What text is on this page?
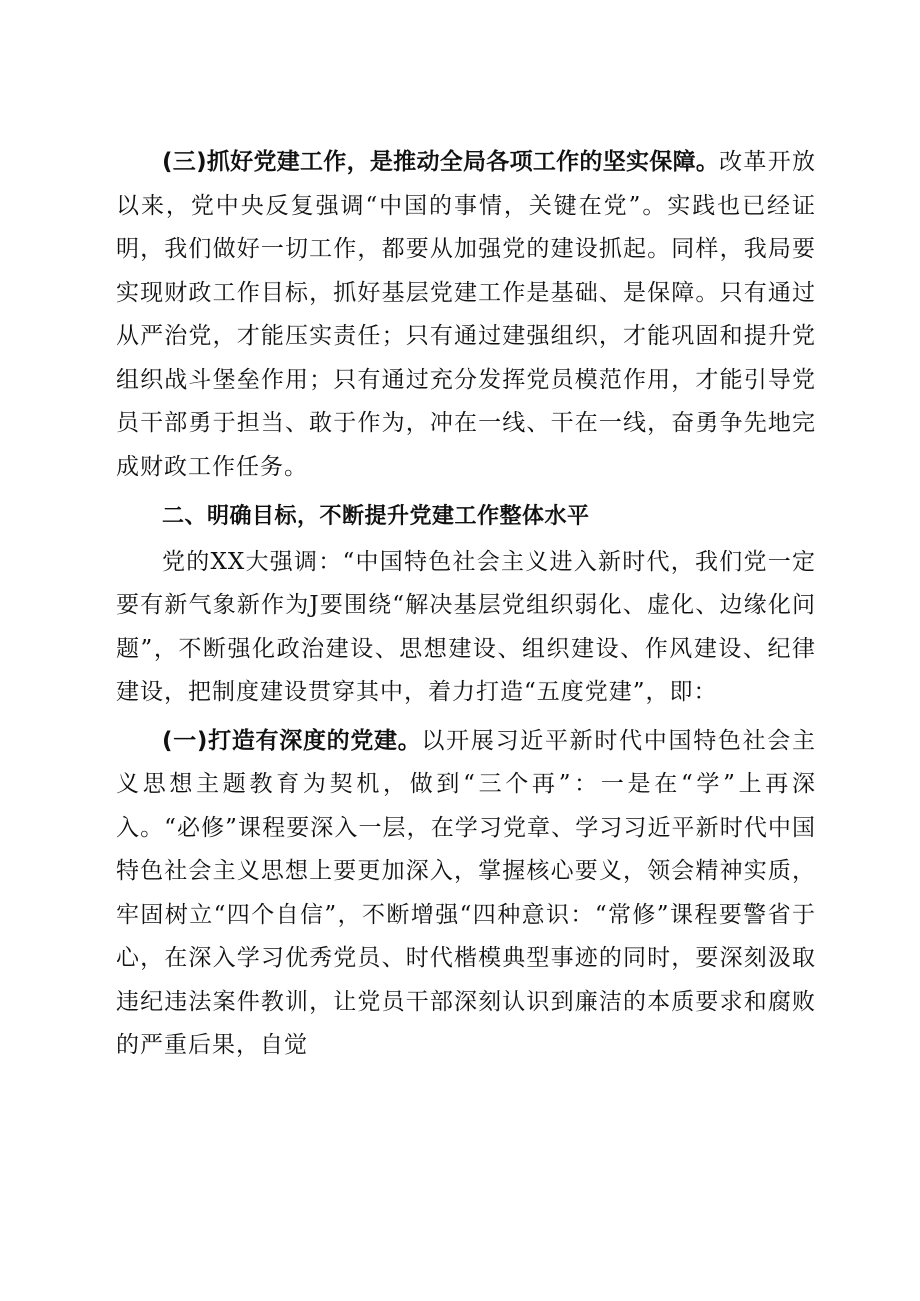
(三)抓好党建工作，是推动全局各项工作的坚实保障。改革开放以来，党中央反复强调“中国的事情，关键在党”。实践也已经证明，我们做好一切工作，都要从加强党的建设抓起。同样，我局要实现财政工作目标，抓好基层党建工作是基础、是保障。只有通过从严治党，才能压实责任；只有通过建强组织，才能巩固和提升党组织战斗堡垒作用；只有通过充分发挥党员模范作用，才能引导党员干部勇于担当、敢于作为，冲在一线、干在一线，奋勇争先地完成财政工作任务。

二、明确目标，不断提升党建工作整体水平

党的XX大强调：“中国特色社会主义进入新时代，我们党一定要有新气象新作为J要围绕“解决基层党组织弱化、虚化、边缘化问题”，不断强化政治建设、思想建设、组织建设、作风建设、纪律建设，把制度建设贯穿其中，着力打造“五度党建”，即：

(一)打造有深度的党建。以开展习近平新时代中国特色社会主义思想主题教育为契机，做到“三个再”：一是在“学”上再深入。“必修”课程要深入一层，在学习党章、学习习近平新时代中国特色社会主义思想上要更加深入，掌握核心要义，领会精神实质，牢固树立“四个自信”，不断增强“四种意识：“常修”课程要警省于心，在深入学习优秀党员、时代楷模典型事迹的同时，要深刻汲取违纪违法案件教训，让党员干部深刻认识到廉洁的本质要求和腐败的严重后果，自觉
